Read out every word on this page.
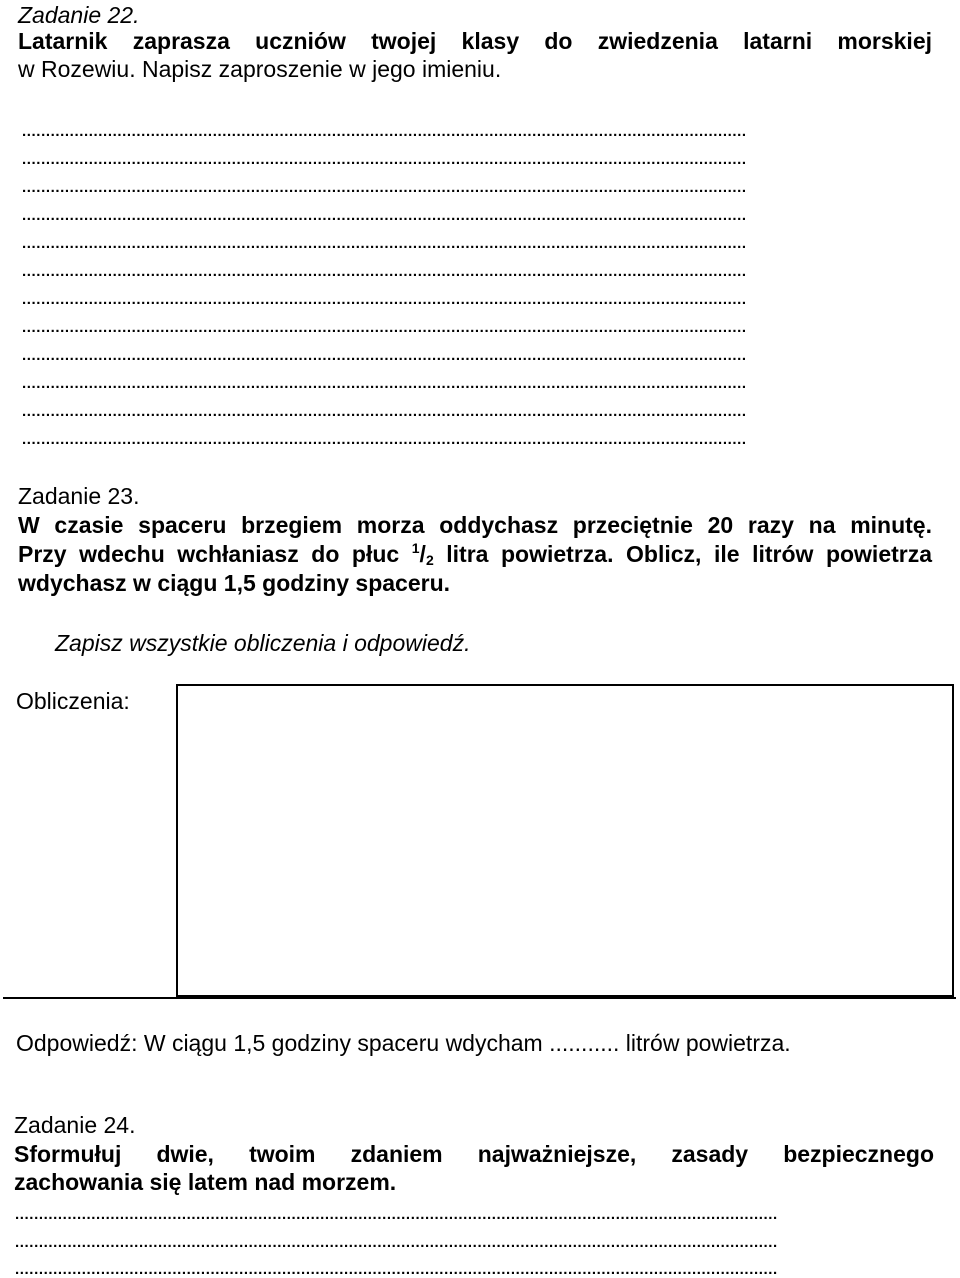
Zadanie 22.
Latarnik zaprasza uczniów twojej klasy do zwiedzenia latarni morskiej
w Rozewiu. Napisz zaproszenie w jego imieniu.
........................................................................................................................................................
........................................................................................................................................................
........................................................................................................................................................
........................................................................................................................................................
........................................................................................................................................................
........................................................................................................................................................
........................................................................................................................................................
........................................................................................................................................................
........................................................................................................................................................
........................................................................................................................................................
........................................................................................................................................................
........................................................................................................................................................
Zadanie 23.
W czasie spaceru brzegiem morza oddychasz przeciętnie 20 razy na minutę.
Przy wdechu wchłaniasz do płuc $^1/_2$ litra powietrza. Oblicz, ile litrów powietrza
wdychasz w ciągu 1,5 godziny spaceru.
Zapisz wszystkie obliczenia i odpowiedź.
Obliczenia:
Odpowiedź: W ciągu 1,5 godziny spaceru wdycham ........... litrów powietrza.
Zadanie 24.
Sformułuj dwie, twoim zdaniem najważniejsze, zasady bezpiecznego
zachowania się latem nad morzem.
................................................................................................................................................................
................................................................................................................................................................
................................................................................................................................................................
